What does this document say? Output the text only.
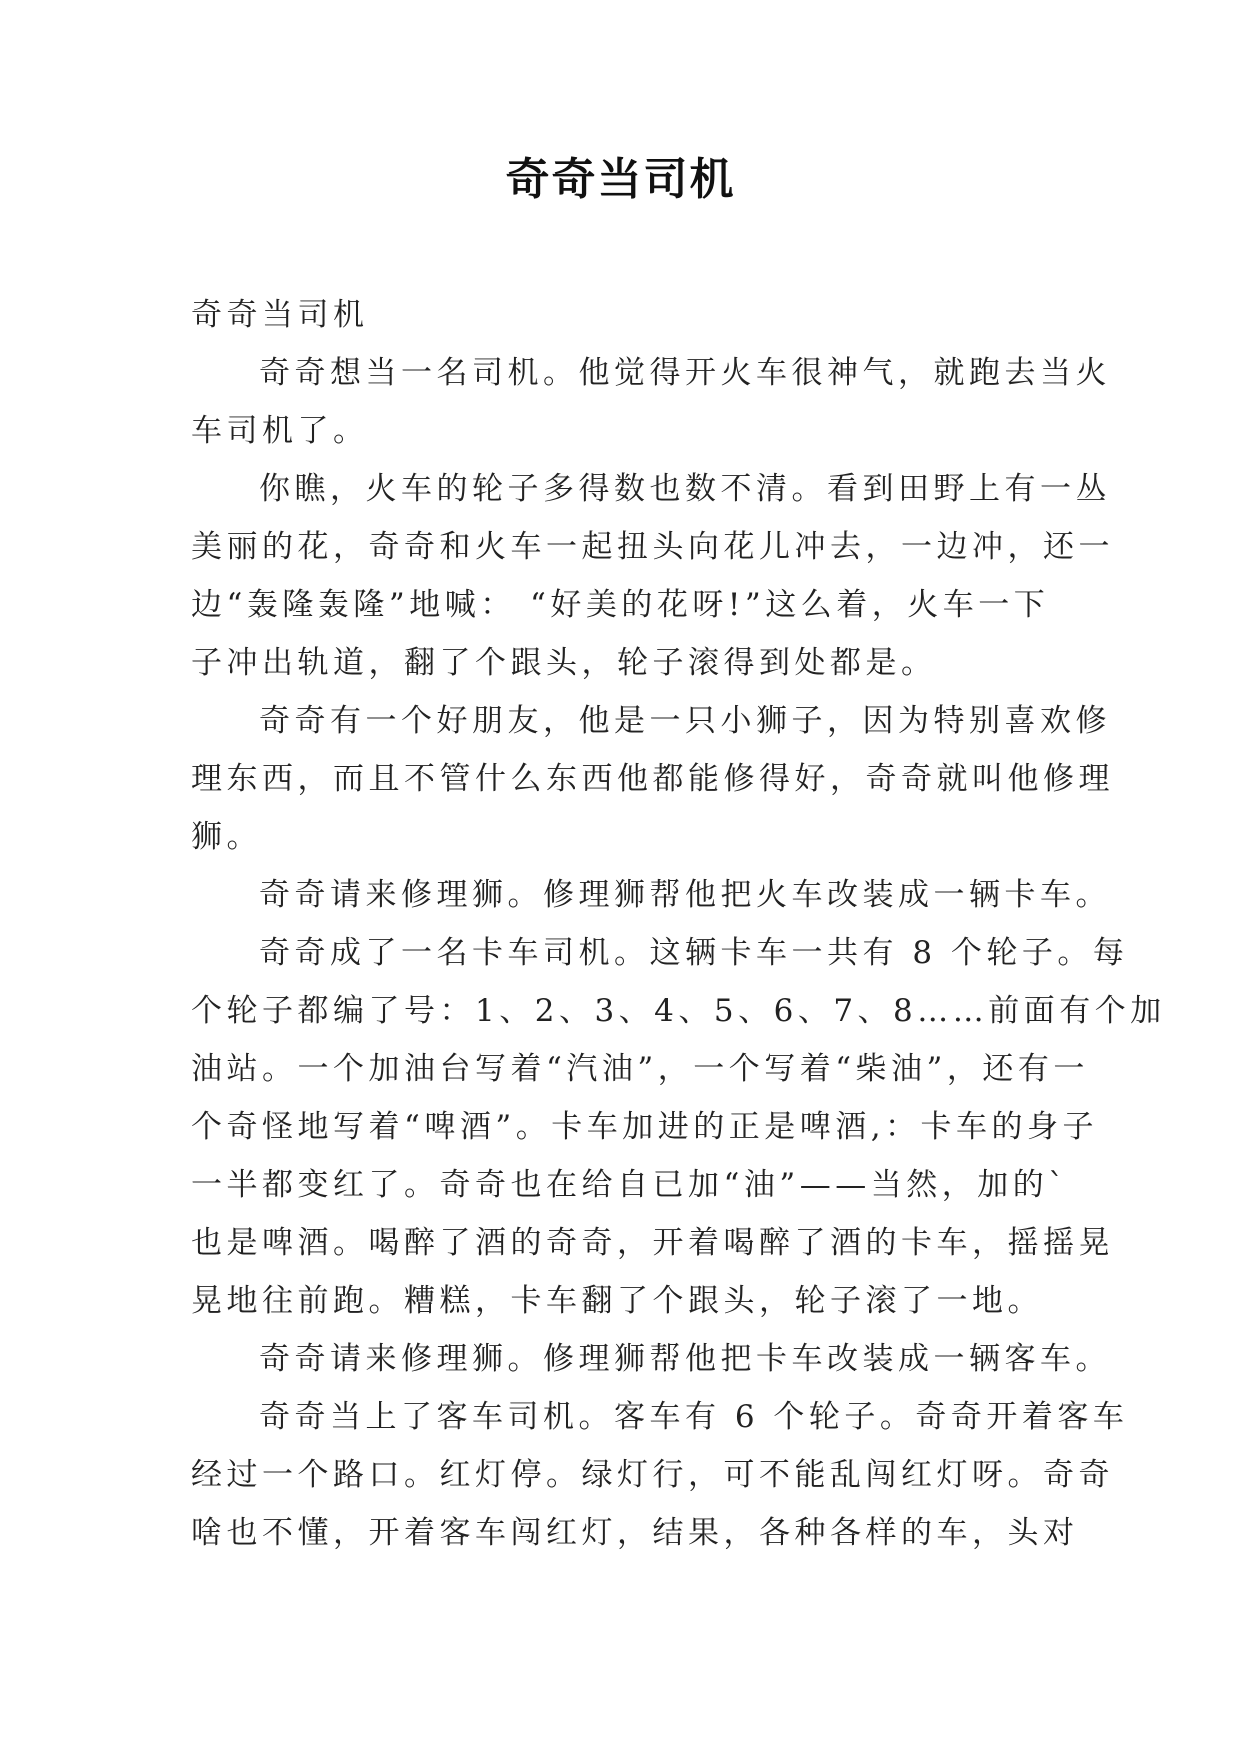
奇奇当司机
奇奇当司机
奇奇想当一名司机。他觉得开火车很神气，就跑去当火
车司机了。
你瞧，火车的轮子多得数也数不清。看到田野上有一丛
美丽的花，奇奇和火车一起扭头向花儿冲去，一边冲，还一
边“轰隆轰隆”地喊： “好美的花呀!”这么着，火车一下
子冲出轨道，翻了个跟头，轮子滚得到处都是。
奇奇有一个好朋友，他是一只小狮子，因为特别喜欢修
理东西，而且不管什么东西他都能修得好，奇奇就叫他修理
狮。
奇奇请来修理狮。修理狮帮他把火车改装成一辆卡车。
奇奇成了一名卡车司机。这辆卡车一共有 8 个轮子。每
个轮子都编了号：1、2、3、4、5、6、7、8……前面有个加
油站。一个加油台写着“汽油”，一个写着“柴油”，还有一
个奇怪地写着“啤酒”。卡车加进的正是啤酒,：卡车的身子
一半都变红了。奇奇也在给自已加“油”——当然，加的`
也是啤酒。喝醉了酒的奇奇，开着喝醉了酒的卡车，摇摇晃
晃地往前跑。糟糕，卡车翻了个跟头，轮子滚了一地。
奇奇请来修理狮。修理狮帮他把卡车改装成一辆客车。
奇奇当上了客车司机。客车有 6 个轮子。奇奇开着客车
经过一个路口。红灯停。绿灯行，可不能乱闯红灯呀。奇奇
啥也不懂，开着客车闯红灯，结果，各种各样的车，头对
